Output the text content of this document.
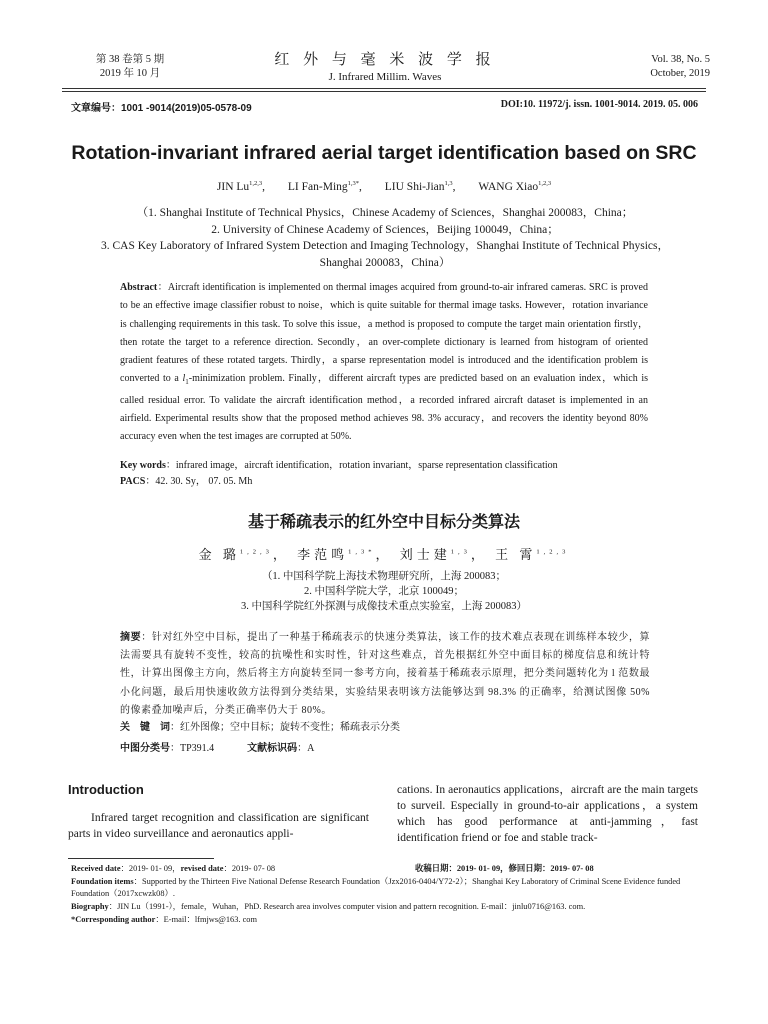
第 38 卷第 5 期
2019 年 10 月
红 外 与 毫 米 波 学 报
J. Infrared Millim. Waves
Vol. 38, No. 5
October, 2019
文章编号：1001 -9014(2019)05-0578-09	DOI:10. 11972/j. issn. 1001-9014. 2019. 05. 006
Rotation-invariant infrared aerial target identification based on SRC
JIN Lu$^{1,2,3}$, LI Fan-Ming$^{1,3*}$, LIU Shi-Jian$^{1,3}$, WANG Xiao$^{1,2,3}$
（1. Shanghai Institute of Technical Physics，Chinese Academy of Sciences，Shanghai 200083，China；
2. University of Chinese Academy of Sciences，Beijing 100049，China；
3. CAS Key Laboratory of Infrared System Detection and Imaging Technology，Shanghai Institute of Technical Physics，
Shanghai 200083，China）
Abstract：Aircraft identification is implemented on thermal images acquired from ground-to-air infrared cameras. SRC is proved to be an effective image classifier robust to noise，which is quite suitable for thermal image tasks. However，rotation invariance is challenging requirements in this task. To solve this issue，a method is proposed to compute the target main orientation firstly，then rotate the target to a reference direction. Secondly，an over-complete dictionary is learned from histogram of oriented gradient features of these rotated targets. Thirdly，a sparse representation model is introduced and the identification problem is converted to a $l_1$-minimization problem. Finally，different aircraft types are predicted based on an evaluation index，which is called residual error. To validate the aircraft identification method，a recorded infrared aircraft dataset is implemented in an airfield. Experimental results show that the proposed method achieves 98. 3% accuracy，and recovers the identity beyond 80% accuracy even when the test images are corrupted at 50%.
Key words：infrared image，aircraft identification，rotation invariant，sparse representation classification
PACS：42. 30. Sy， 07. 05. Mh
基于稀疏表示的红外空中目标分类算法
金 璐$^{1,2,3}$， 李范鸣$^{1,3*}$， 刘士建$^{1,3}$， 王 霄$^{1,2,3}$
（1. 中国科学院上海技术物理研究所，上海 200083；
2. 中国科学院大学，北京 100049；
3. 中国科学院红外探测与成像技术重点实验室，上海 200083）
摘要：针对红外空中目标，提出了一种基于稀疏表示的快速分类算法，该工作的技术难点表现在训练样本较少，算法需要具有旋转不变性，较高的抗噪性和实时性，针对这些难点，首先根据红外空中面目标的梯度信息和统计特性，计算出图像主方向，然后将主方向旋转至同一参考方向，接着基于稀疏表示原理，把分类问题转化为 l 范数最小化问题，最后用快速收敛方法得到分类结果，实验结果表明该方法能够达到 98.3% 的正确率，给测试图像 50% 的像素叠加噪声后，分类正确率仍大于 80%。
关　键　词：红外图像；空中目标；旋转不变性；稀疏表示分类
中图分类号：TP391.4	文献标识码：A
Introduction
Infrared target recognition and classification are significant parts in video surveillance and aeronautics appli-
cations. In aeronautics applications，aircraft are the main targets to surveil. Especially in ground-to-air applications，a system which has good performance at anti-jamming，fast identification friend or foe and stable track-
Received date：2019- 01- 09，revised date：2019- 07- 08	收稿日期：2019- 01- 09，修回日期：2019- 07- 08
Foundation items：Supported by the Thirteen Five National Defense Research Foundation（Jzx2016-0404/Y72-2）；Shanghai Key Laboratory of Criminal Scene Evidence funded Foundation（2017xcwzk08）.
Biography：JIN Lu（1991-），female，Wuhan，PhD. Research area involves computer vision and pattern recognition. E-mail：jinlu0716@163. com.
*Corresponding author：E-mail：lfmjws@163. com
